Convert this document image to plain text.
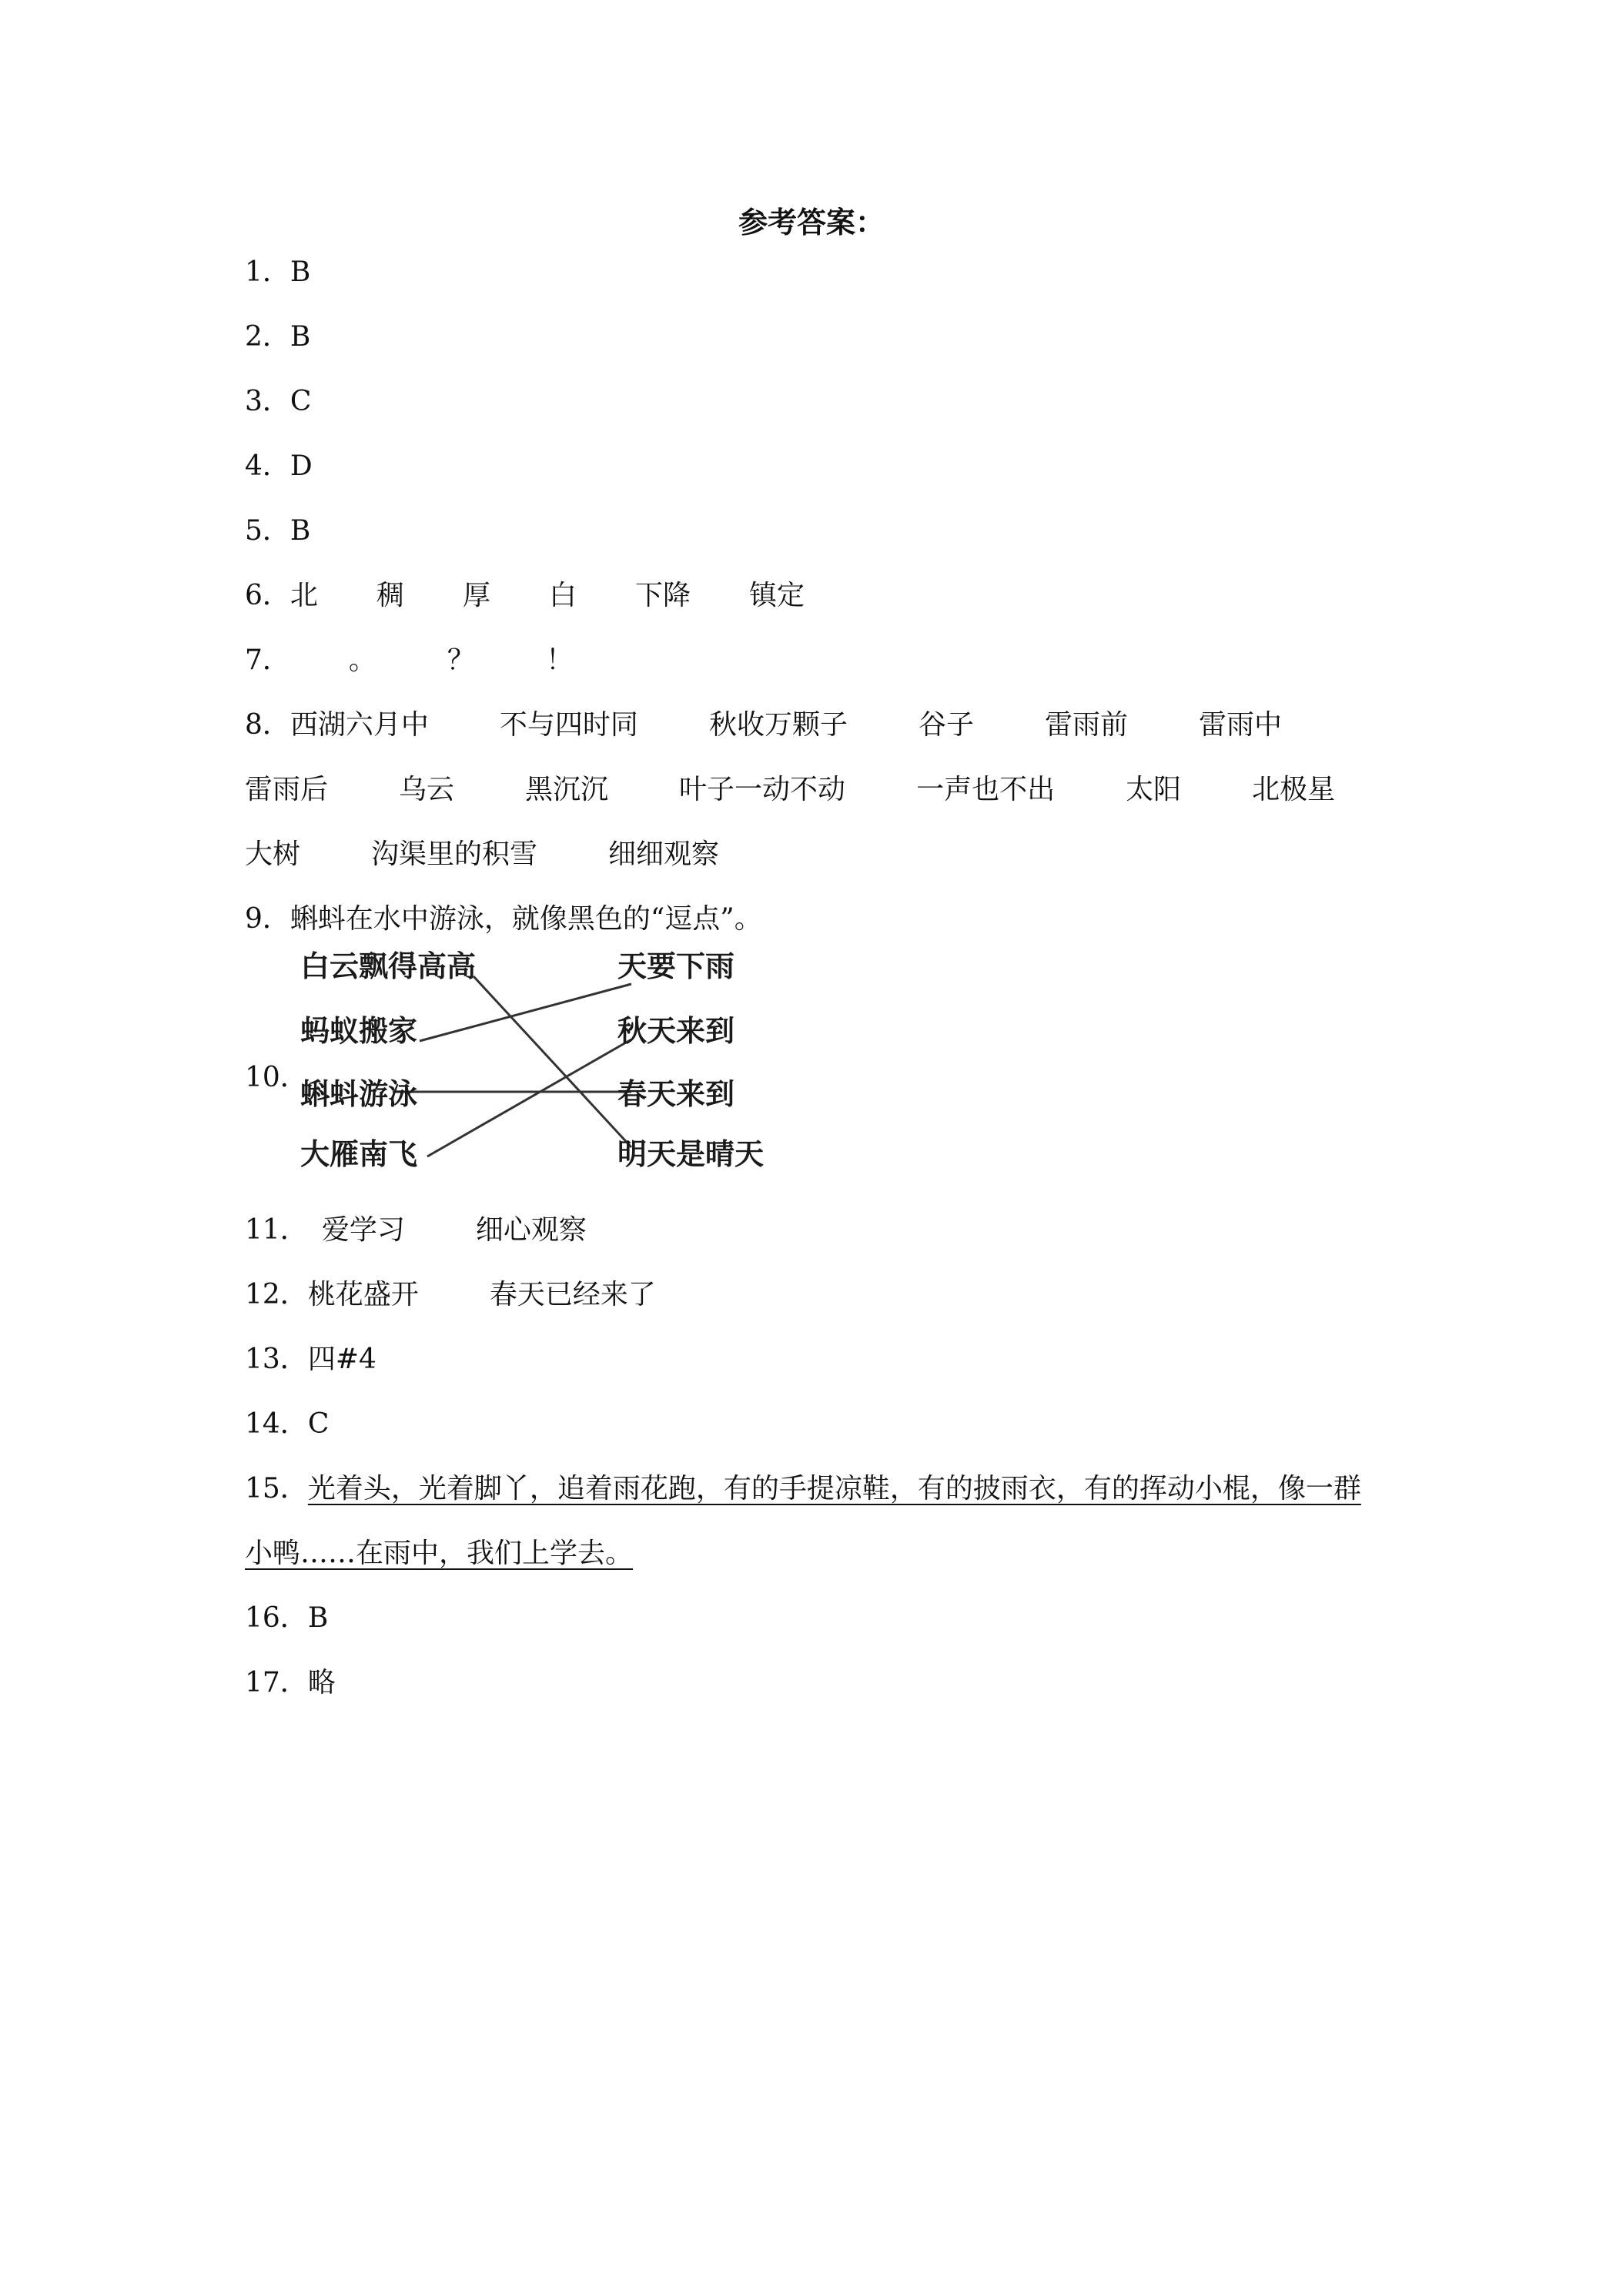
参考答案：
1．B
2．B
3．C
4．D
5．B
6．北 稠 厚 白 下降 镇定
7． 。	？	！
8．西湖六月中	不与四时同	秋收万颗子	谷子	雷雨前	雷雨中
雷雨后	乌云	黑沉沉	叶子一动不动	一声也不出	太阳	北极星
大树	沟渠里的积雪	细细观察
9．蝌蚪在水中游泳，就像黑色的“逗点”。
10．
白云飘得高高
蚂蚁搬家
蝌蚪游泳
大雁南飞
天要下雨
秋天来到
春天来到
明天是晴天
11． 爱学习	细心观察
12．桃花盛开	春天已经来了
13．四#4
14．C
15．光着头，光着脚丫，追着雨花跑，有的手提凉鞋，有的披雨衣，有的挥动小棍，像一群
小鸭……在雨中，我们上学去。
16．B
17．略
